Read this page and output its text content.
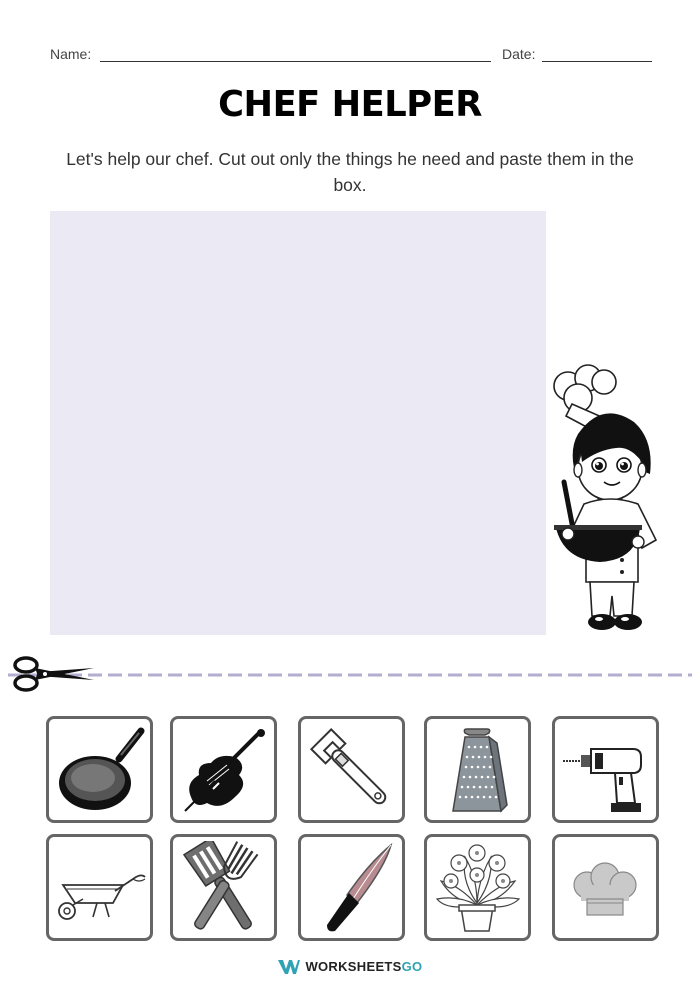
Name:	Date:
CHEF HELPER
Let's help our chef. Cut out only the things he need and paste them in the box.
WORKSHEETSGO
